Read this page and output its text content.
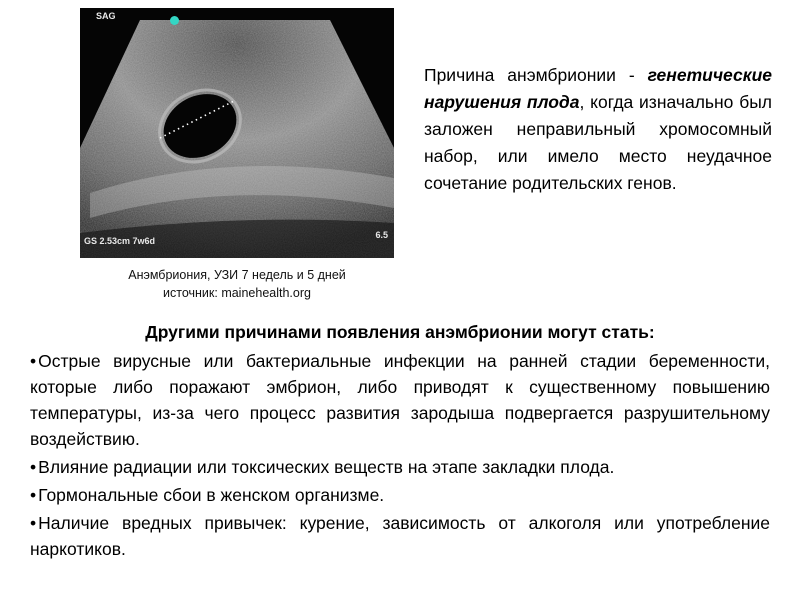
SAG
GS 2.53cm 7w6d
6.5
Анэмбриония, УЗИ 7 недель и 5 дней
источник: mainehealth.org
Причина анэмбрионии - генетические нарушения плода, когда изначально был заложен неправильный хромосомный набор, или имело место неудачное сочетание родительских генов.
Другими причинами появления анэмбрионии могут стать:
• Острые вирусные или бактериальные инфекции на ранней стадии беременности, которые либо поражают эмбрион, либо приводят к существенному повышению температуры, из-за чего процесс развития зародыша подвергается разрушительному воздействию.
• Влияние радиации или токсических веществ на этапе закладки плода.
• Гормональные сбои в женском организме.
• Наличие вредных привычек: курение, зависимость от алкоголя или употребление наркотиков.
